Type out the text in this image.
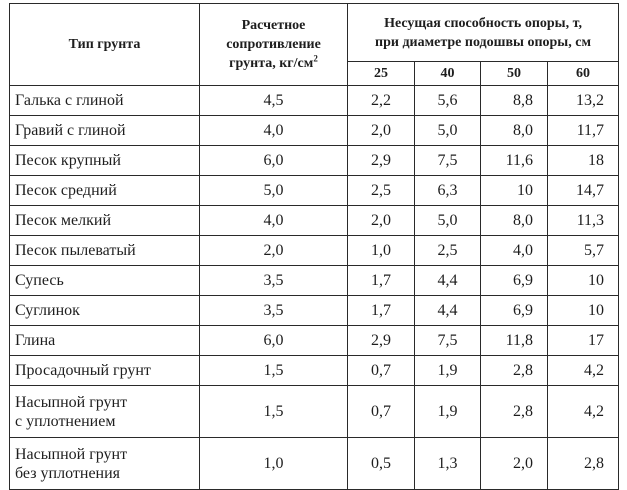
Тип грунта	Расчетное
сопротивление
грунта, $кг/см^2$	Несущая способность опоры, т,
при диаметре подошвы опоры, см			
		25	40	50	60
Галька с глиной	4,5	2,2	5,6	8,8	13,2
Гравий с глиной	4,0	2,0	5,0	8,0	11,7
Песок крупный	6,0	2,9	7,5	11,6	18
Песок средний	5,0	2,5	6,3	10	14,7
Песок мелкий	4,0	2,0	5,0	8,0	11,3
Песок пылеватый	2,0	1,0	2,5	4,0	5,7
Супесь	3,5	1,7	4,4	6,9	10
Суглинок	3,5	1,7	4,4	6,9	10
Глина	6,0	2,9	7,5	11,8	17
Просадочный грунт	1,5	0,7	1,9	2,8	4,2
Насыпной грунт
с уплотнением	1,5	0,7	1,9	2,8	4,2
Насыпной грунт
без уплотнения	1,0	0,5	1,3	2,0	2,8
